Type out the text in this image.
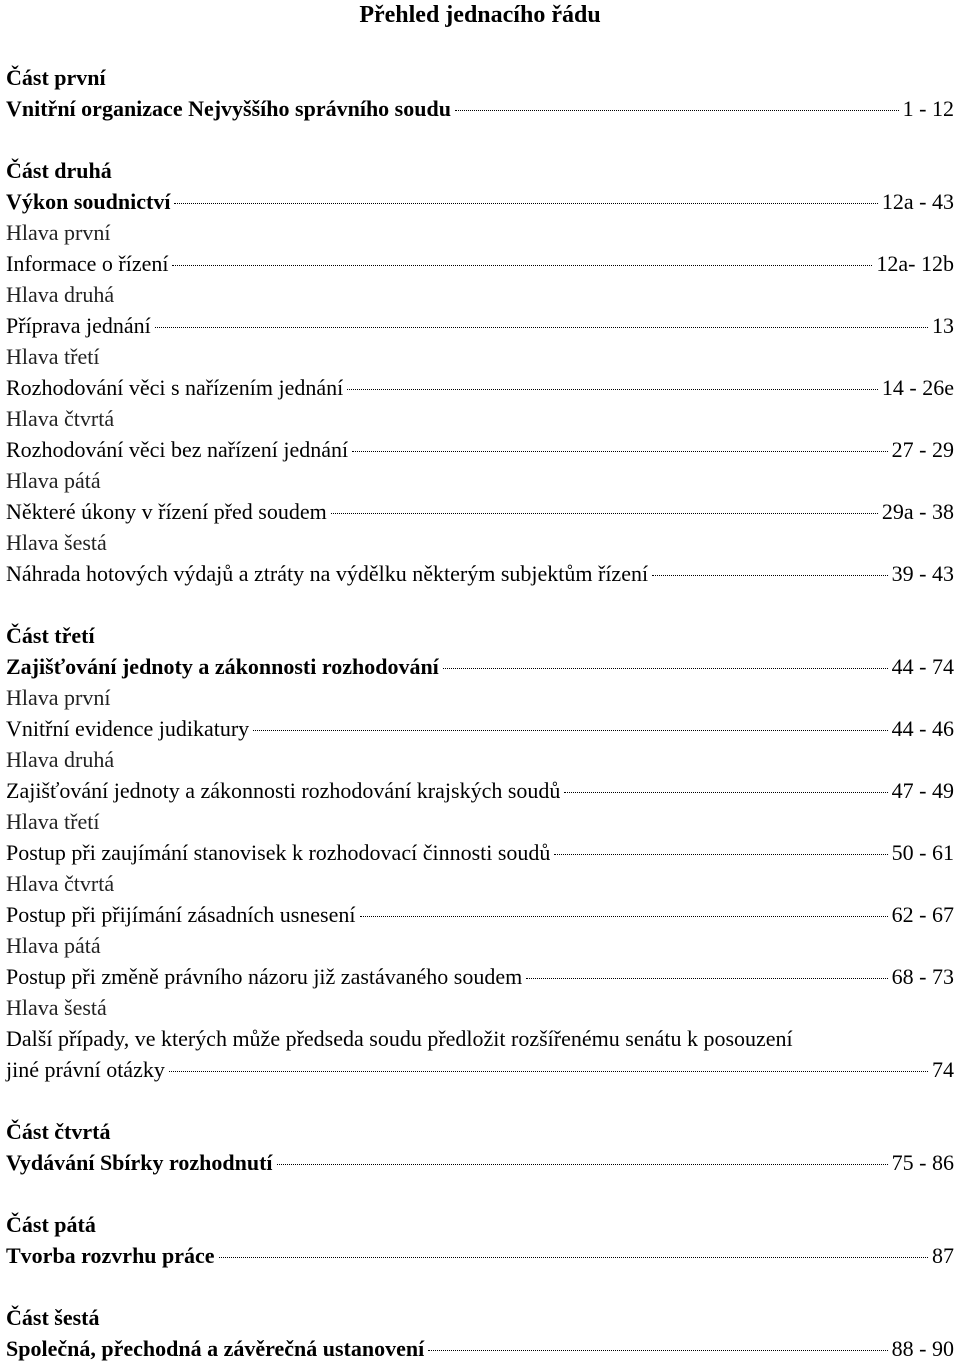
Přehled jednacího řádu
Část první
Vnitřní organizace Nejvyššího správního soudu	1 - 12
Část druhá
Výkon soudnictví	12a - 43
Hlava první
Informace o řízení	12a- 12b
Hlava druhá
Příprava jednání	13
Hlava třetí
Rozhodování věci s nařízením jednání	14 - 26e
Hlava čtvrtá
Rozhodování věci bez nařízení jednání	27 - 29
Hlava pátá
Některé úkony v řízení před soudem	29a - 38
Hlava šestá
Náhrada hotových výdajů a ztráty na výdělku některým subjektům řízení	39 - 43
Část třetí
Zajišťování jednoty a zákonnosti rozhodování	44 - 74
Hlava první
Vnitřní evidence judikatury	44 - 46
Hlava druhá
Zajišťování jednoty a zákonnosti rozhodování krajských soudů	47 - 49
Hlava třetí
Postup při zaujímání stanovisek k rozhodovací činnosti soudů	50 - 61
Hlava čtvrtá
Postup při přijímání zásadních usnesení	62 - 67
Hlava pátá
Postup při změně právního názoru již zastávaného soudem	68 - 73
Hlava šestá
Další případy, ve kterých může předseda soudu předložit rozšířenému senátu k posouzení
jiné právní otázky	74
Část čtvrtá
Vydávání Sbírky rozhodnutí	75 - 86
Část pátá
Tvorba rozvrhu práce	87
Část šestá
Společná, přechodná a závěrečná ustanovení	88 - 90
